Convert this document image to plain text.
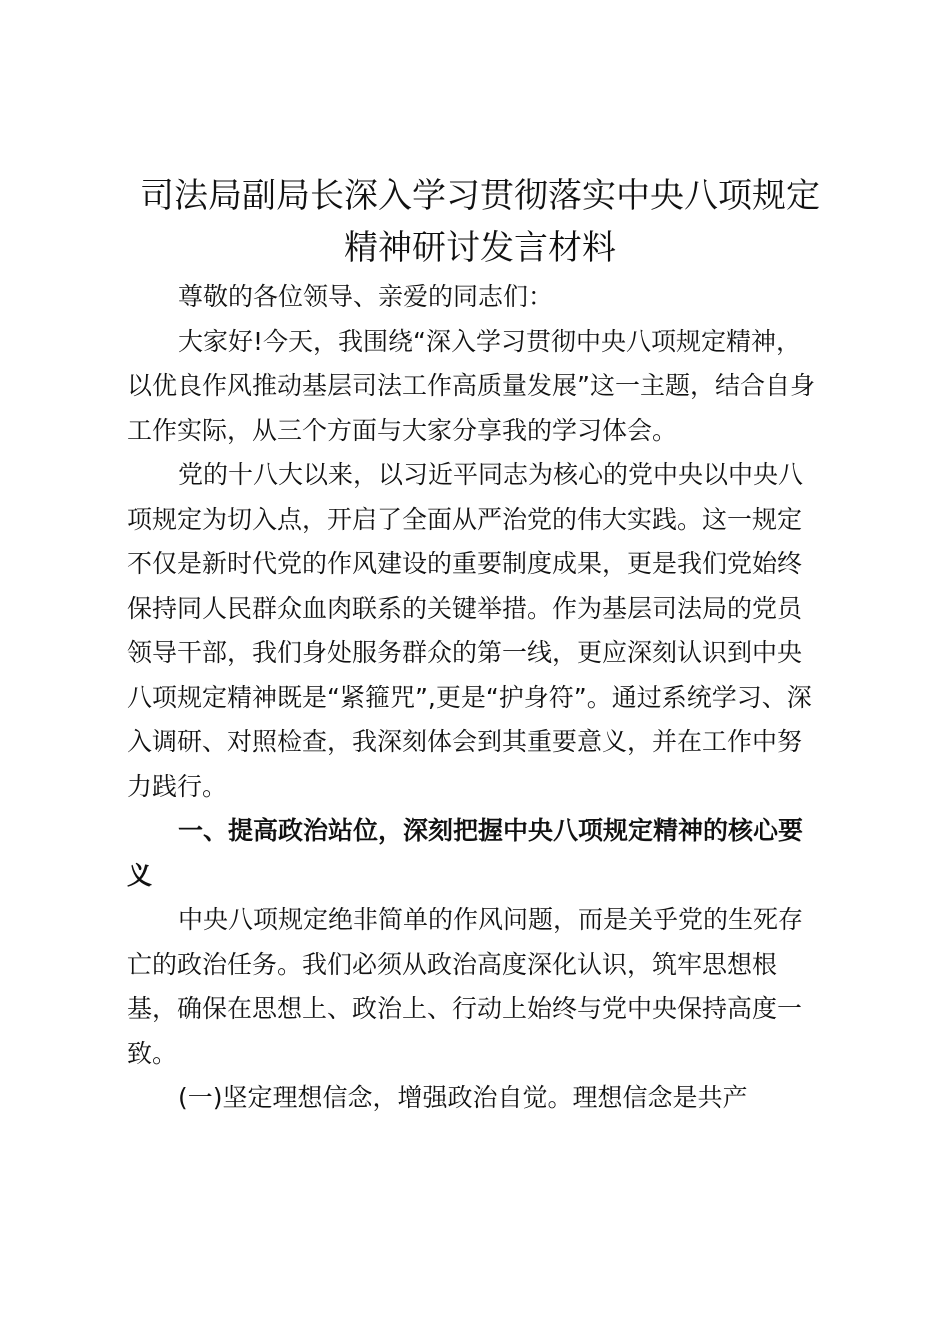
司法局副局长深入学习贯彻落实中央八项规定
精神研讨发言材料
尊敬的各位领导、亲爱的同志们：
大家好!今天，我围绕“深入学习贯彻中央八项规定精神，
以优良作风推动基层司法工作高质量发展”这一主题，结合自身
工作实际，从三个方面与大家分享我的学习体会。
党的十八大以来，以习近平同志为核心的党中央以中央八
项规定为切入点，开启了全面从严治党的伟大实践。这一规定
不仅是新时代党的作风建设的重要制度成果，更是我们党始终
保持同人民群众血肉联系的关键举措。作为基层司法局的党员
领导干部，我们身处服务群众的第一线，更应深刻认识到中央
八项规定精神既是“紧箍咒”,更是“护身符”。通过系统学习、深
入调研、对照检查，我深刻体会到其重要意义，并在工作中努
力践行。
一、提高政治站位，深刻把握中央八项规定精神的核心要
义
中央八项规定绝非简单的作风问题，而是关乎党的生死存
亡的政治任务。我们必须从政治高度深化认识，筑牢思想根
基，确保在思想上、政治上、行动上始终与党中央保持高度一
致。
(一)坚定理想信念，增强政治自觉。理想信念是共产
